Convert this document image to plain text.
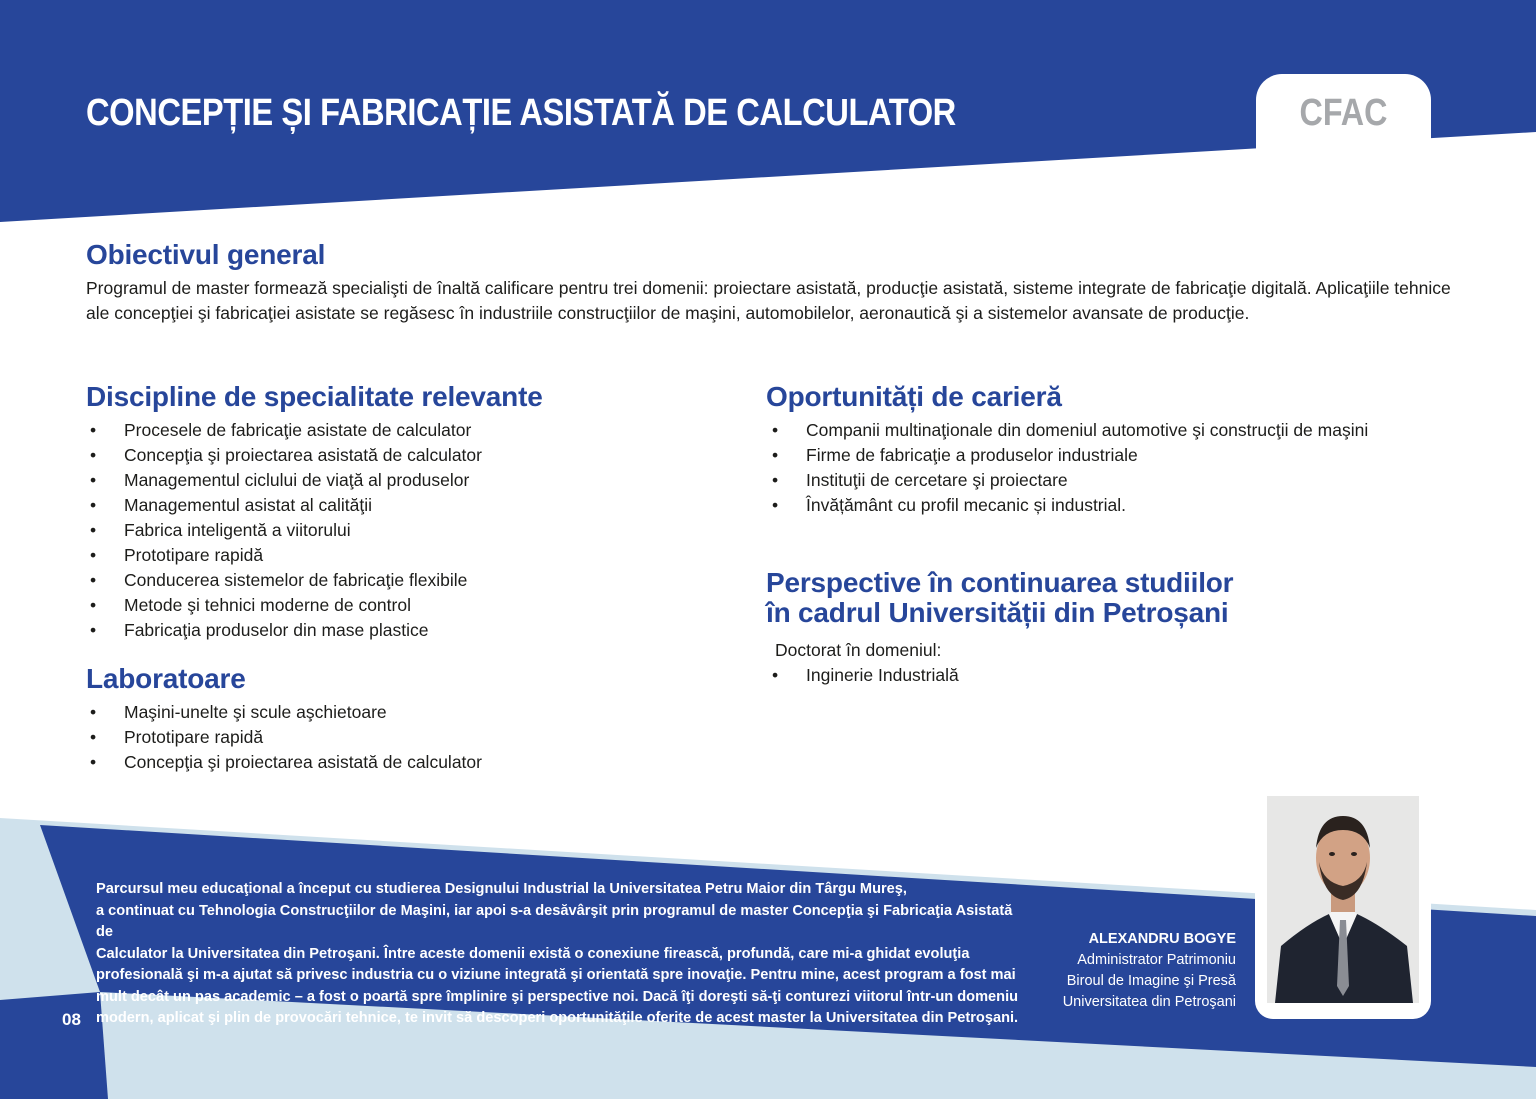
CONCEPȚIE ȘI FABRICAȚIE ASISTATĂ DE CALCULATOR	CFAC
Obiectivul general

Programul de master formează specialişti de înaltă calificare pentru trei domenii: proiectare asistată, producţie asistată, sisteme integrate de fabricaţie digitală. Aplicaţiile tehnice ale concepţiei şi fabricaţiei asistate se regăsesc în industriile construcţiilor de maşini, automobilelor, aeronautică şi a sistemelor avansate de producţie.

Discipline de specialitate relevante
•	Procesele de fabricaţie asistate de calculator
•	Concepţia şi proiectarea asistată de calculator
•	Managementul ciclului de viaţă al produselor
•	Managementul asistat al calităţii
•	Fabrica inteligentă a viitorului
•	Prototipare rapidă
•	Conducerea sistemelor de fabricaţie flexibile
•	Metode şi tehnici moderne de control
•	Fabricaţia produselor din mase plastice
Laboratoare
•	Maşini-unelte şi scule aşchietoare
•	Prototipare rapidă
•	Concepţia şi proiectarea asistată de calculator
Oportunități de carieră
•	Companii multinaţionale din domeniul automotive şi construcţii de maşini
•	Firme de fabricaţie a produselor industriale
•	Instituţii de cercetare şi proiectare
•	Învățământ cu profil mecanic și industrial.
Perspective în continuarea studiilor
în cadrul Universității din Petroșani

Doctorat în domeniul:

•	Inginerie Industrială
Parcursul meu educaţional a început cu studierea Designului Industrial la Universitatea Petru Maior din Târgu Mureş,
a continuat cu Tehnologia Construcţiilor de Maşini, iar apoi s-a desăvârşit prin programul de master Concepţia şi Fabricaţia Asistată de
Calculator la Universitatea din Petroşani. Între aceste domenii există o conexiune firească, profundă, care mi-a ghidat evoluţia
profesională şi m-a ajutat să privesc industria cu o viziune integrată şi orientată spre inovaţie. Pentru mine, acest program a fost mai
mult decât un pas academic – a fost o poartă spre împlinire şi perspective noi. Dacă îţi doreşti să-ţi conturezi viitorul într-un domeniu
modern, aplicat şi plin de provocări tehnice, te invit să descoperi oportunităţile oferite de acest master la Universitatea din Petroşani.
ALEXANDRU BOGYE
Administrator Patrimoniu
Biroul de Imagine şi Presă
Universitatea din Petroşani
08
